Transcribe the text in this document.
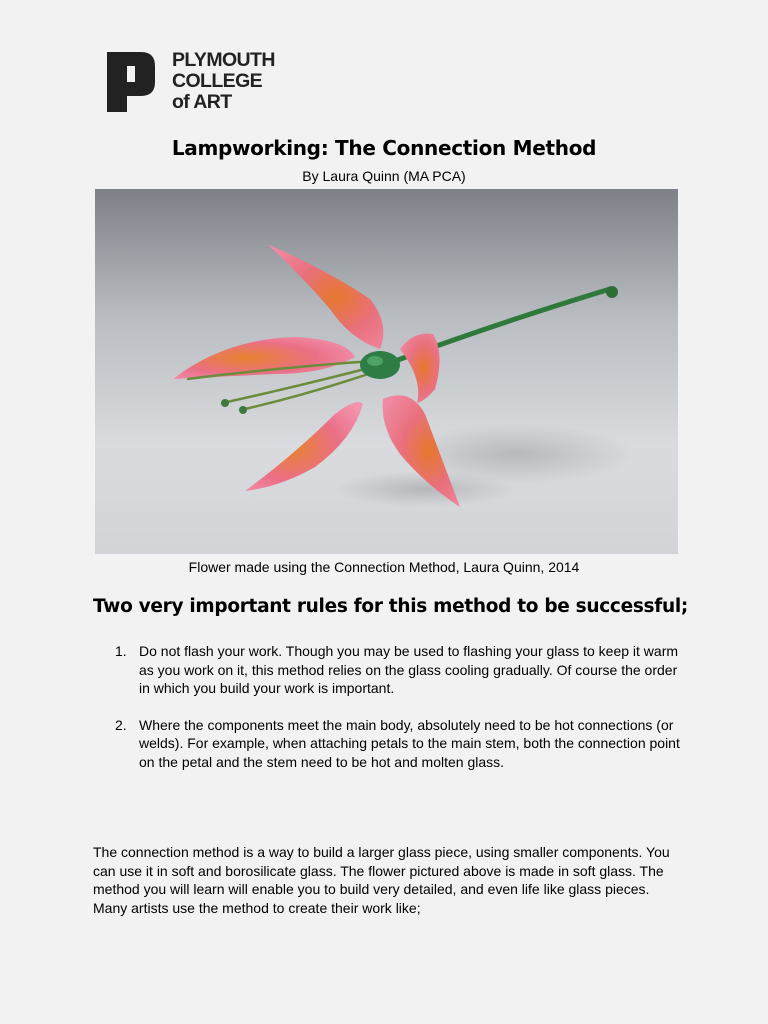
PLYMOUTH
COLLEGE
of ART
Lampworking: The Connection Method
By Laura Quinn (MA PCA)
Flower made using the Connection Method, Laura Quinn, 2014
Two very important rules for this method to be successful;
1. Do not flash your work. Though you may be used to flashing your glass to keep it warm as you work on it, this method relies on the glass cooling gradually. Of course the order in which you build your work is important.
2. Where the components meet the main body, absolutely need to be hot connections (or welds). For example, when attaching petals to the main stem, both the connection point on the petal and the stem need to be hot and molten glass.

The connection method is a way to build a larger glass piece, using smaller components. You can use it in soft and borosilicate glass. The flower pictured above is made in soft glass. The method you will learn will enable you to build very detailed, and even life like glass pieces. Many artists use the method to create their work like;
